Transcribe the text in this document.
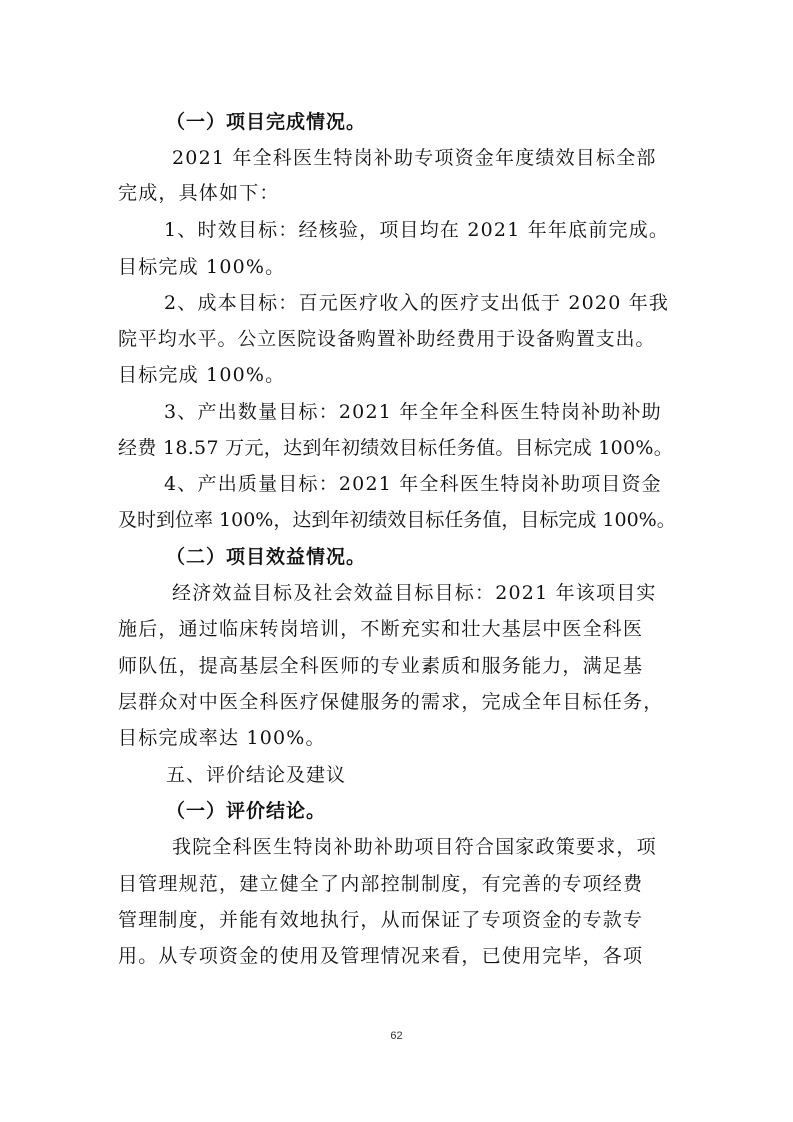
（一）项目完成情况。
2021 年全科医生特岗补助专项资金年度绩效目标全部
完成，具体如下：
1、时效目标：经核验，项目均在 2021 年年底前完成。
目标完成 100%。
2、成本目标：百元医疗收入的医疗支出低于 2020 年我
院平均水平。公立医院设备购置补助经费用于设备购置支出。
目标完成 100%。
3、产出数量目标：2021 年全年全科医生特岗补助补助
经费 18.57 万元，达到年初绩效目标任务值。目标完成 100%。
4、产出质量目标：2021 年全科医生特岗补助项目资金
及时到位率 100%，达到年初绩效目标任务值，目标完成 100%。
（二）项目效益情况。
经济效益目标及社会效益目标目标：2021 年该项目实
施后，通过临床转岗培训，不断充实和壮大基层中医全科医
师队伍，提高基层全科医师的专业素质和服务能力，满足基
层群众对中医全科医疗保健服务的需求，完成全年目标任务，
目标完成率达 100%。
五、评价结论及建议
（一）评价结论。
我院全科医生特岗补助补助项目符合国家政策要求，项
目管理规范，建立健全了内部控制制度，有完善的专项经费
管理制度，并能有效地执行，从而保证了专项资金的专款专
用。从专项资金的使用及管理情况来看，已使用完毕，各项
62
